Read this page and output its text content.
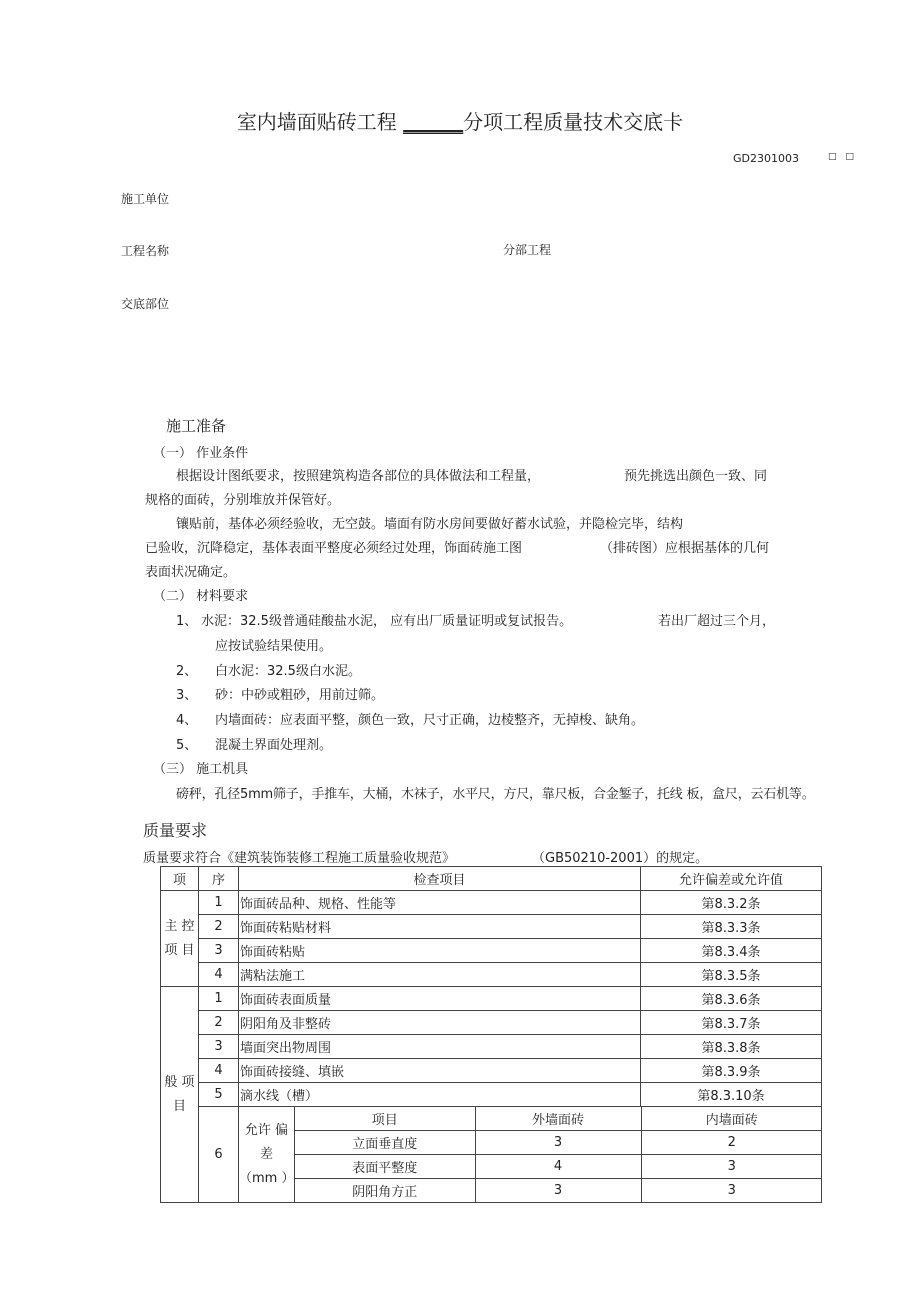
室内墙面贴砖工程 ______分项工程质量技术交底卡
GD2301003	□ □
施工单位
工程名称	分部工程
交底部位
施工准备
（一） 作业条件
根据设计图纸要求，按照建筑构造各部位的具体做法和工程量，	预先挑选出颜色一致、同
规格的面砖，分别堆放并保管好。
镶贴前，基体必须经验收，无空鼓。墙面有防水房间要做好蓄水试验，并隐检完毕，结构
已验收，沉降稳定，基体表面平整度必须经过处理，饰面砖施工图	（排砖图）应根据基体的几何
表面状况确定。
（二） 材料要求
1、 水泥：32.5级普通硅酸盐水泥， 应有出厂质量证明或复试报告。	若出厂超过三个月，
应按试验结果使用。
2、 白水泥：32.5级白水泥。
3、 砂：中砂或粗砂，用前过筛。
4、 内墙面砖：应表面平整，颜色一致，尺寸正确，边棱整齐，无掉梭、缺角。
5、 混凝土界面处理剂。
（三） 施工机具
磅秤，孔径5mm筛子，手推车，大桶，木袜子，水平尺，方尺，靠尺板，合金錾子，托线 板，盒尺，云石机等。
质量要求
质量要求符合《建筑装饰装修工程施工质量验收规范》	（GB50210-2001）的规定。
项	序	检查项目	允许偏差或允许值
主 控 项 目	1	饰面砖品种、规格、性能等	第8.3.2条
2	饰面砖粘贴材料	第8.3.3条
3	饰面砖粘贴	第8.3.4条
4	满粘法施工	第8.3.5条
般 项 目	1	饰面砖表面质量	第8.3.6条
2	阴阳角及非整砖	第8.3.7条
3	墙面突出物周围	第8.3.8条
4	饰面砖接缝、填嵌	第8.3.9条
5	滴水线（槽）	第8.3.10条
6	允许 偏差 （mm ）	
项目	外墙面砖	内墙面砖
立面垂直度	3	2
表面平整度	4	3
阴阳角方正	3	3
